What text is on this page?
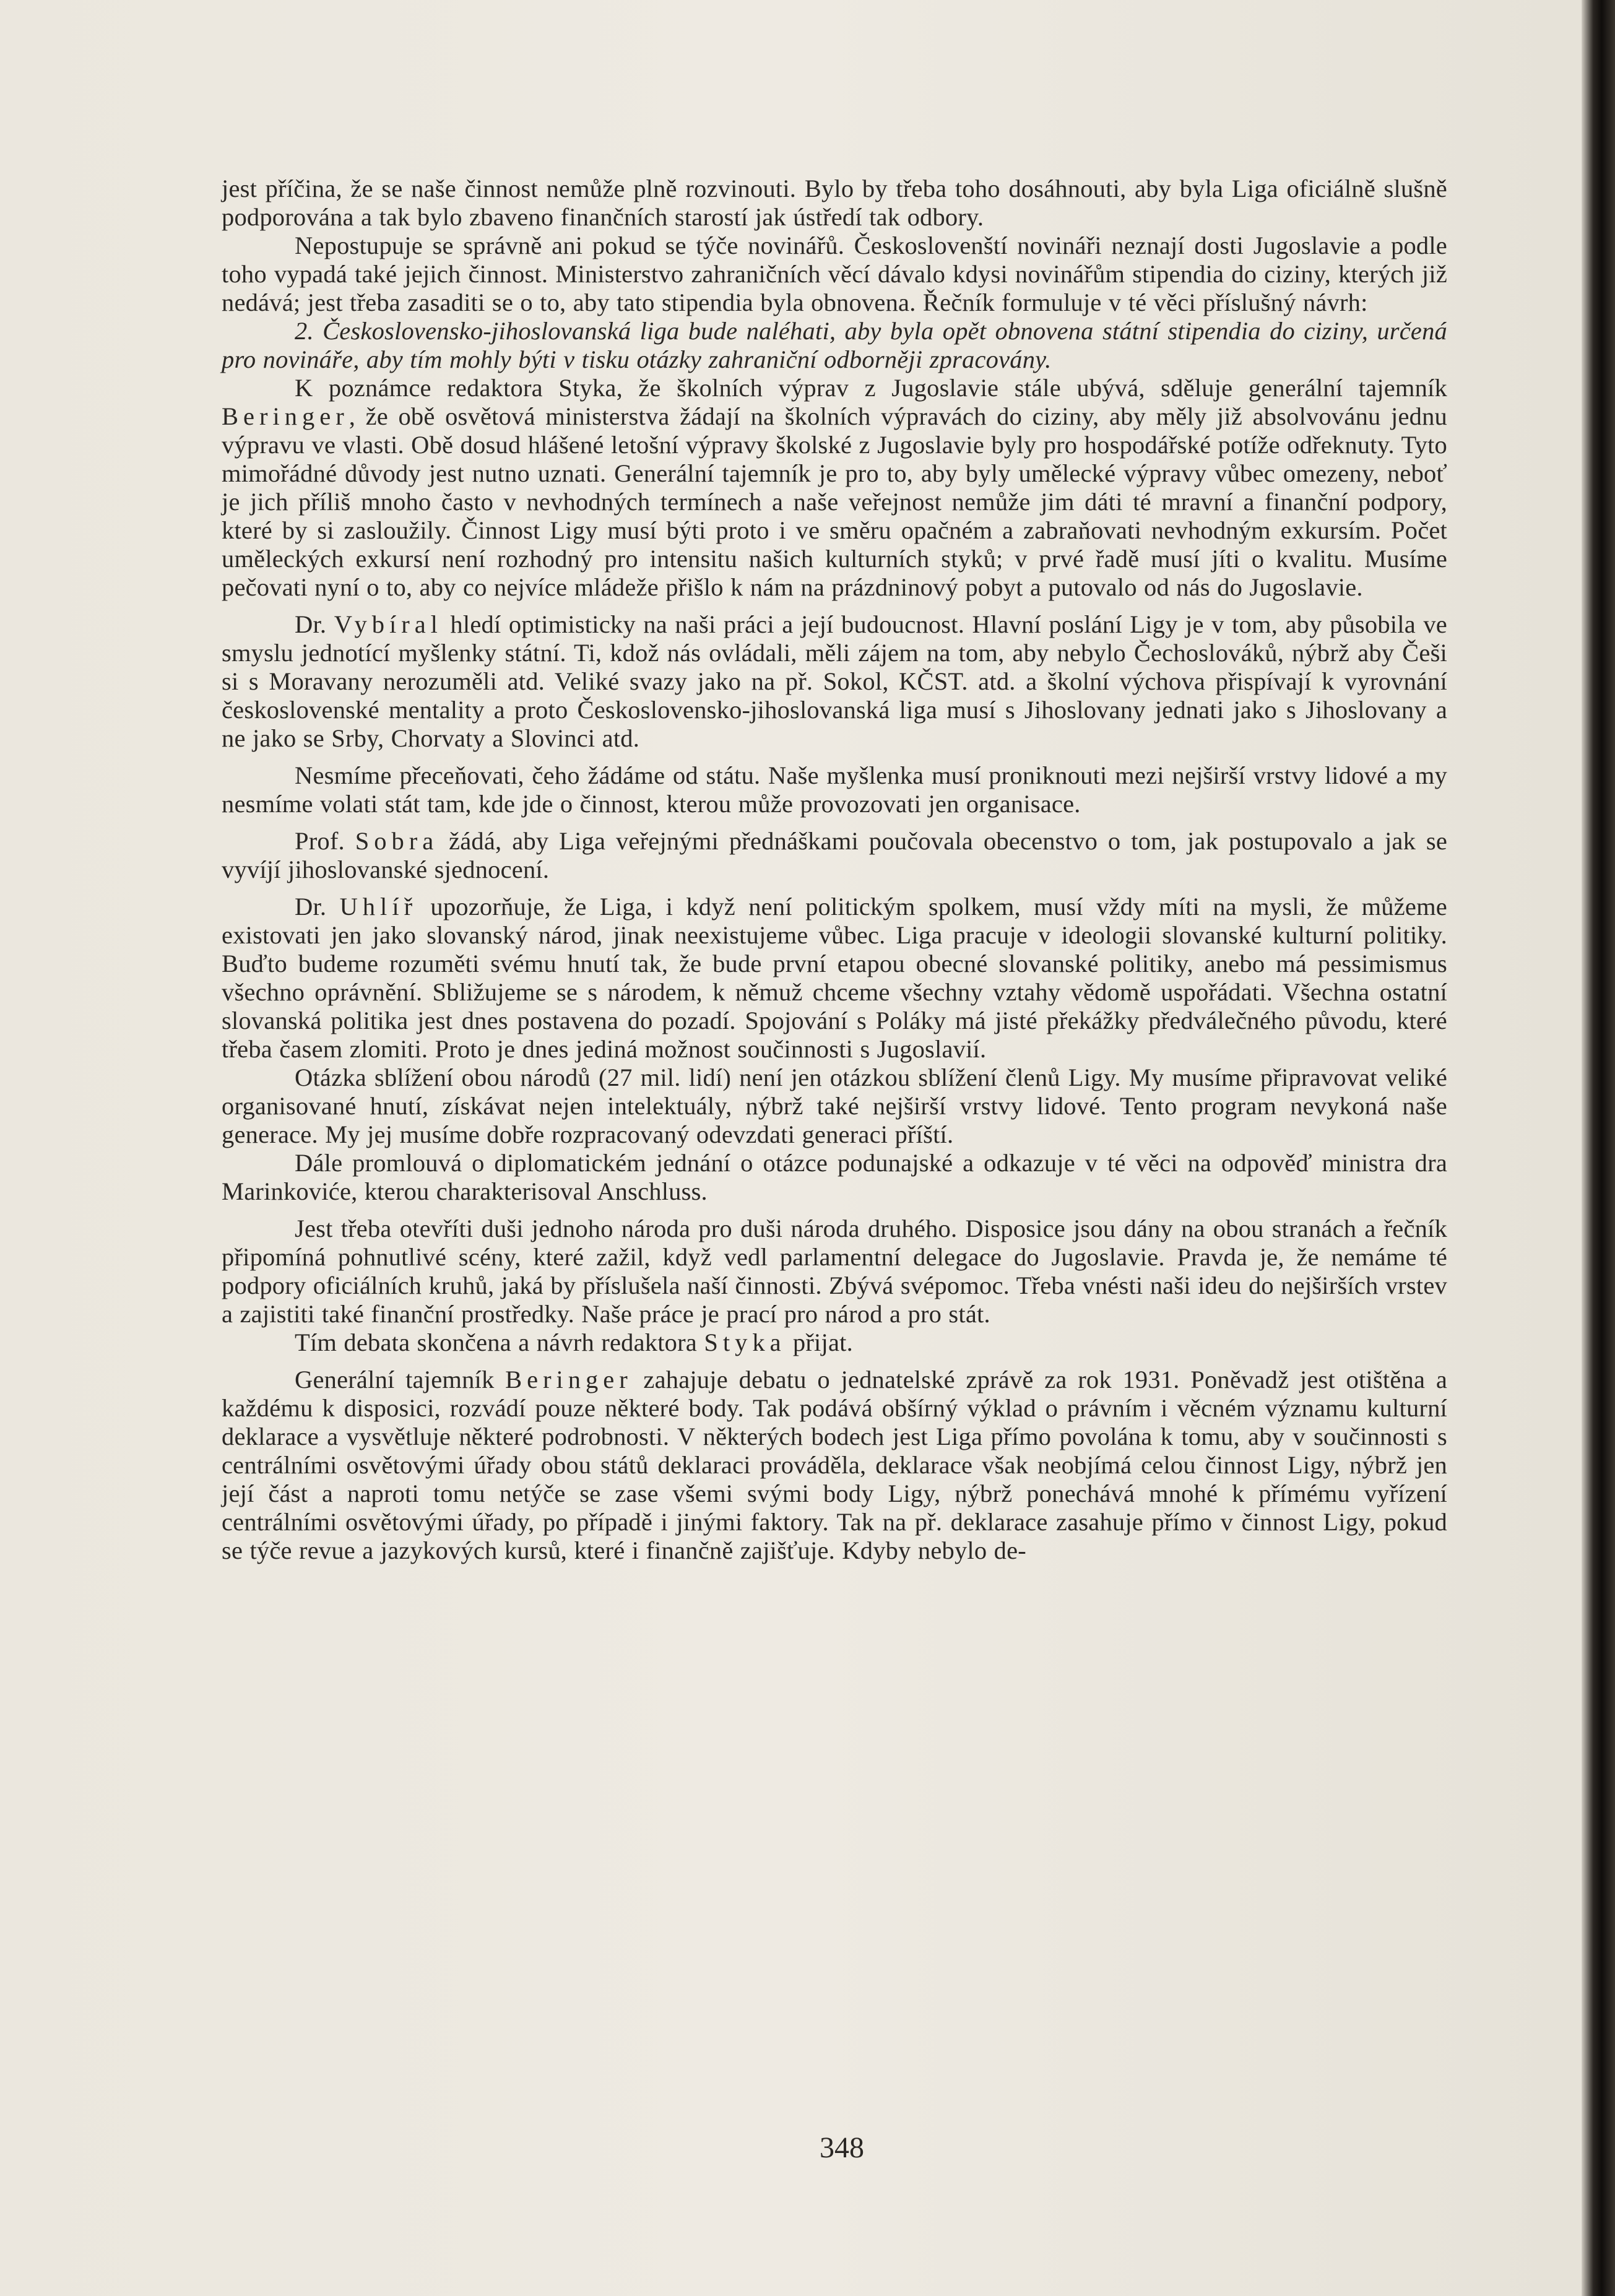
jest příčina, že se naše činnost nemůže plně rozvinouti. Bylo by třeba toho dosáhnouti, aby byla Liga oficiálně slušně podporována a tak bylo zbaveno finančních starostí jak ústředí tak odbory.

Nepostupuje se správně ani pokud se týče novinářů. Českoslovenští novináři neznají dosti Jugoslavie a podle toho vypadá také jejich činnost. Ministerstvo zahraničních věcí dávalo kdysi novinářům stipendia do ciziny, kterých již nedává; jest třeba zasaditi se o to, aby tato stipendia byla obnovena. Řečník formuluje v té věci příslušný návrh:

2. Československo-jihoslovanská liga bude naléhati, aby byla opět obnovena státní stipendia do ciziny, určená pro novináře, aby tím mohly býti v tisku otázky zahraniční odborněji zpracovány.

K poznámce redaktora Styka, že školních výprav z Jugoslavie stále ubývá, sděluje generální tajemník Beringer, že obě osvětová ministerstva žádají na školních výpravách do ciziny, aby měly již absolvovánu jednu výpravu ve vlasti. Obě dosud hlášené letošní výpravy školské z Jugoslavie byly pro hospodářské potíže odřeknuty. Tyto mimořádné důvody jest nutno uznati. Generální tajemník je pro to, aby byly umělecké výpravy vůbec omezeny, neboť je jich příliš mnoho často v nevhodných termínech a naše veřejnost nemůže jim dáti té mravní a finanční podpory, které by si zasloužily. Činnost Ligy musí býti proto i ve směru opačném a zabraňovati nevhodným exkursím. Počet uměleckých exkursí není rozhodný pro intensitu našich kulturních styků; v prvé řadě musí jíti o kvalitu. Musíme pečovati nyní o to, aby co nejvíce mládeže přišlo k nám na prázdninový pobyt a putovalo od nás do Jugoslavie.

Dr. Vybíral hledí optimisticky na naši práci a její budoucnost. Hlavní poslání Ligy je v tom, aby působila ve smyslu jednotící myšlenky státní. Ti, kdož nás ovládali, měli zájem na tom, aby nebylo Čechoslováků, nýbrž aby Češi si s Moravany nerozuměli atd. Veliké svazy jako na př. Sokol, KČST. atd. a školní výchova přispívají k vyrovnání československé mentality a proto Československo-jihoslovanská liga musí s Jihoslovany jednati jako s Jihoslovany a ne jako se Srby, Chorvaty a Slovinci atd.

Nesmíme přeceňovati, čeho žádáme od státu. Naše myšlenka musí proniknouti mezi nejširší vrstvy lidové a my nesmíme volati stát tam, kde jde o činnost, kterou může provozovati jen organisace.

Prof. Sobra žádá, aby Liga veřejnými přednáškami poučovala obecenstvo o tom, jak postupovalo a jak se vyvíjí jihoslovanské sjednocení.

Dr. Uhlíř upozorňuje, že Liga, i když není politickým spolkem, musí vždy míti na mysli, že můžeme existovati jen jako slovanský národ, jinak neexistujeme vůbec. Liga pracuje v ideologii slovanské kulturní politiky. Buďto budeme rozuměti svému hnutí tak, že bude první etapou obecné slovanské politiky, anebo má pessimismus všechno oprávnění. Sbližujeme se s národem, k němuž chceme všechny vztahy vědomě uspořádati. Všechna ostatní slovanská politika jest dnes postavena do pozadí. Spojování s Poláky má jisté překážky předválečného původu, které třeba časem zlomiti. Proto je dnes jediná možnost součinnosti s Jugoslavií.

Otázka sblížení obou národů (27 mil. lidí) není jen otázkou sblížení členů Ligy. My musíme připravovat veliké organisované hnutí, získávat nejen intelektuály, nýbrž také nejširší vrstvy lidové. Tento program nevykoná naše generace. My jej musíme dobře rozpracovaný odevzdati generaci příští.

Dále promlouvá o diplomatickém jednání o otázce podunajské a odkazuje v té věci na odpověď ministra dra Marinkoviće, kterou charakterisoval Anschluss.

Jest třeba otevříti duši jednoho národa pro duši národa druhého. Disposice jsou dány na obou stranách a řečník připomíná pohnutlivé scény, které zažil, když vedl parlamentní delegace do Jugoslavie. Pravda je, že nemáme té podpory oficiálních kruhů, jaká by příslušela naší činnosti. Zbývá svépomoc. Třeba vnésti naši ideu do nejširších vrstev a zajistiti také finanční prostředky. Naše práce je prací pro národ a pro stát.

Tím debata skončena a návrh redaktora Styka přijat.

Generální tajemník Beringer zahajuje debatu o jednatelské zprávě za rok 1931. Poněvadž jest otištěna a každému k disposici, rozvádí pouze některé body. Tak podává obšírný výklad o právním i věcném významu kulturní deklarace a vysvětluje některé podrobnosti. V některých bodech jest Liga přímo povolána k tomu, aby v součinnosti s centrálními osvětovými úřady obou států deklaraci prováděla, deklarace však neobjímá celou činnost Ligy, nýbrž jen její část a naproti tomu netýče se zase všemi svými body Ligy, nýbrž ponechává mnohé k přímému vyřízení centrálními osvětovými úřady, po případě i jinými faktory. Tak na př. deklarace zasahuje přímo v činnost Ligy, pokud se týče revue a jazykových kursů, které i finančně zajišťuje. Kdyby nebylo de-

348
